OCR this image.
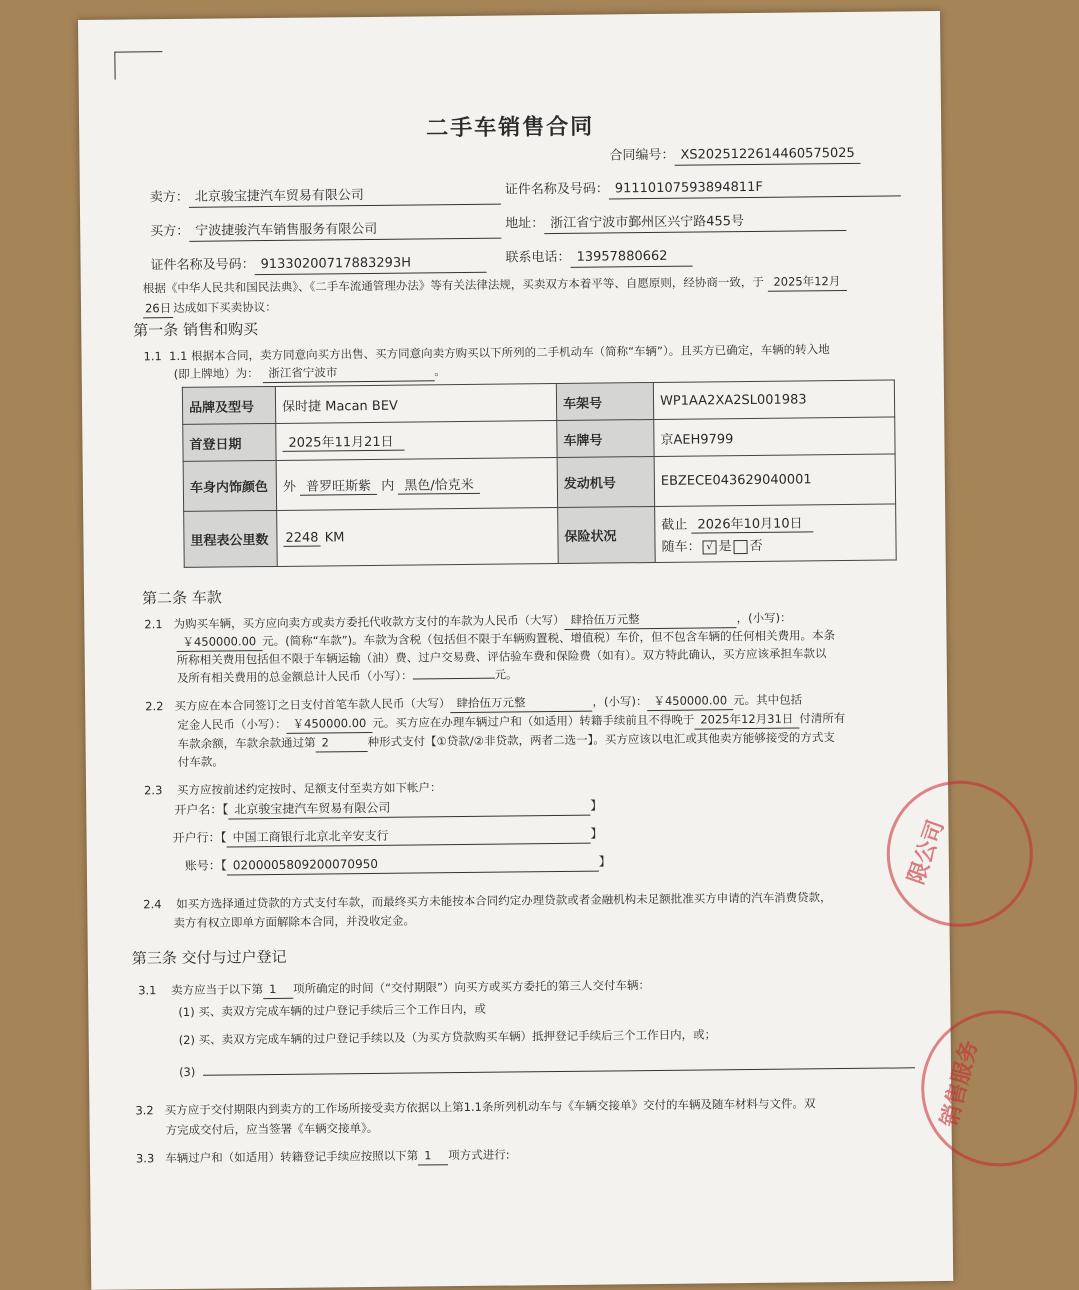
二手车销售合同
合同编号： XS2025122614460575025
卖方： 北京骏宝捷汽车贸易有限公司	证件名称及号码： 91110107593894811F
买方： 宁波捷骏汽车销售服务有限公司	地址： 浙江省宁波市鄞州区兴宁路455号
证件名称及号码： 91330200717883293H	联系电话： 13957880662
根据《中华人民共和国民法典》、《二手车流通管理办法》等有关法律法规，买卖双方本着平等、自愿原则，经协商一致，于 2025年12月
26日 达成如下买卖协议：
第一条 销售和购买
1.1 1.1 根据本合同，卖方同意向买方出售、买方同意向卖方购买以下所列的二手机动车（简称“车辆”）。且买方已确定，车辆的转入地
(即上牌地）为： 浙江省宁波市	。
品牌及型号	保时捷 Macan BEV	车架号	WP1AA2XA2SL001983
首登日期	2025年11月21日	车牌号	京AEH9799
车身内饰颜色	外 普罗旺斯紫 内 黑色/恰克米	发动机号	EBZECE043629040001
里程表公里数	2248 KM	保险状况	截止 2026年10月10日
随车： √ 是 否
第二条 车款
2.1 为购买车辆，买方应向卖方或卖方委托代收款方支付的车款为人民币（大写） 肆拾伍万元整	，(小写)：
￥450000.00 元。(简称“车款”)。车款为含税（包括但不限于车辆购置税、增值税）车价，但不包含车辆的任何相关费用。本条
所称相关费用包括但不限于车辆运输（油）费、过户交易费、评估验车费和保险费（如有）。双方特此确认，买方应该承担车款以
及所有相关费用的总金额总计人民币（小写）：	元。
2.2 买方应在本合同签订之日支付首笔车款人民币（大写） 肆拾伍万元整	，(小写)： ￥450000.00 元。其中包括
定金人民币（小写）： ￥450000.00 元。买方应在办理车辆过户和（如适用）转籍手续前且不得晚于 2025年12月31日 付清所有
车款余额，车款余款通过第 2	种形式支付【①贷款/②非贷款，两者二选一】。买方应该以电汇或其他卖方能够接受的方式支
付车款。
2.3 买方应按前述约定按时、足额支付至卖方如下帐户：
开户名：【 北京骏宝捷汽车贸易有限公司	】
开户行：【 中国工商银行北京北辛安支行	】
账号：【 0200005809200070950	】
2.4 如买方选择通过贷款的方式支付车款，而最终买方未能按本合同约定办理贷款或者金融机构未足额批准买方申请的汽车消费贷款，
卖方有权立即单方面解除本合同，并没收定金。
第三条 交付与过户登记
3.1 卖方应当于以下第 1 项所确定的时间（“交付期限”）向买方或买方委托的第三人交付车辆：
(1) 买、卖双方完成车辆的过户登记手续后三个工作日内，或
(2) 买、卖双方完成车辆的过户登记手续以及（为买方贷款购买车辆）抵押登记手续后三个工作日内，或；
(3)
3.2 买方应于交付期限内到卖方的工作场所接受卖方依据以上第1.1条所列机动车与《车辆交接单》交付的车辆及随车材料与文件。双
方完成交付后，应当签署《车辆交接单》。
3.3 车辆过户和（如适用）转籍登记手续应按照以下第 1 项方式进行:
限公司
销售服务
